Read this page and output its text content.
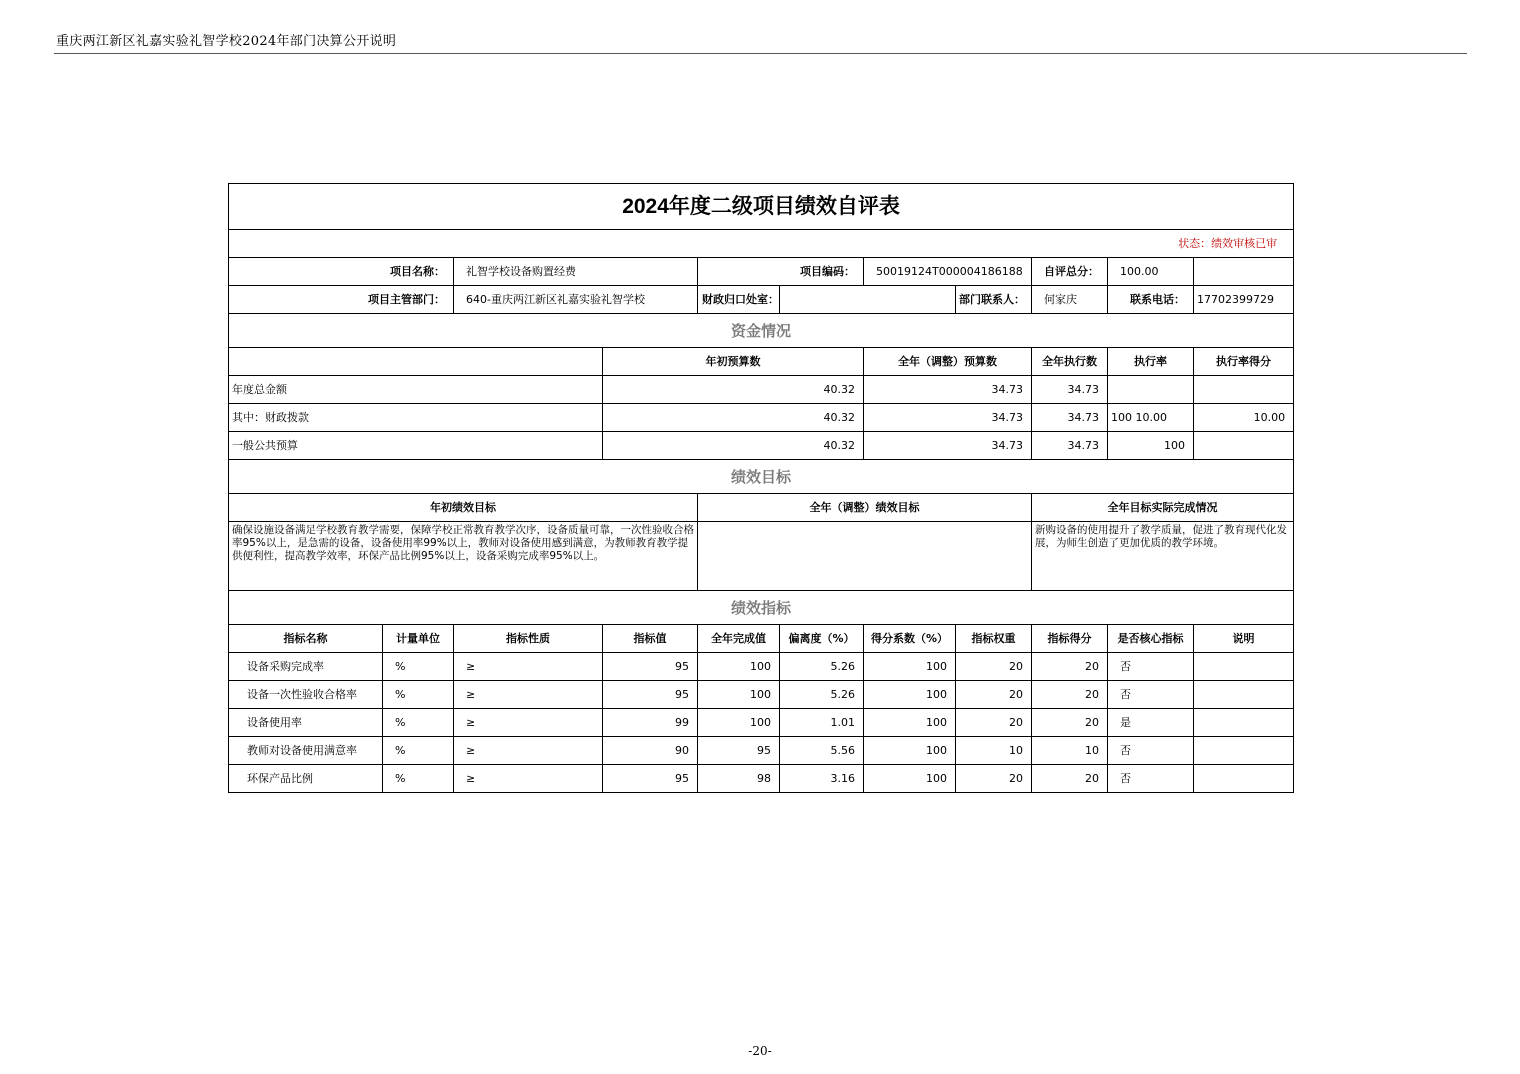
重庆两江新区礼嘉实验礼智学校2024年部门决算公开说明
2024年度二级项目绩效自评表										
状态：绩效审核已审										
项目名称：		礼智学校设备购置经费		项目编码：		50019124T000004186188		自评总分：	100.00	
项目主管部门：		640-重庆两江新区礼嘉实验礼智学校		财政归口处室：			部门联系人：	何家庆	联系电话：	17702399729
资金情况										
			年初预算数			全年（调整）预算数		全年执行数	执行率	执行率得分
年度总金额			40.32			34.73		34.73		
其中：财政拨款			40.32			34.73		34.73	100 10.00	10.00
一般公共预算			40.32			34.73		34.73	100	
绩效目标										
年初绩效目标				全年（调整）绩效目标				全年目标实际完成情况		
确保设施设备满足学校教育教学需要，保障学校正常教育教学次序，设备质量可靠，一次性验收合格率95%以上，是急需的设备，设备使用率99%以上，教师对设备使用感到满意，为教师教育教学提供便利性，提高教学效率，环保产品比例95%以上，设备采购完成率95%以上。								新购设备的使用提升了教学质量，促进了教育现代化发展，为师生创造了更加优质的教学环境。		
绩效指标										
指标名称	计量单位	指标性质	指标值	全年完成值	偏离度（%）	得分系数（%）	指标权重	指标得分	是否核心指标	说明
设备采购完成率	%	≥	95	100	5.26	100	20	20	否	
设备一次性验收合格率	%	≥	95	100	5.26	100	20	20	否	
设备使用率	%	≥	99	100	1.01	100	20	20	是	
教师对设备使用满意率	%	≥	90	95	5.56	100	10	10	否	
环保产品比例	%	≥	95	98	3.16	100	20	20	否	
-20-
